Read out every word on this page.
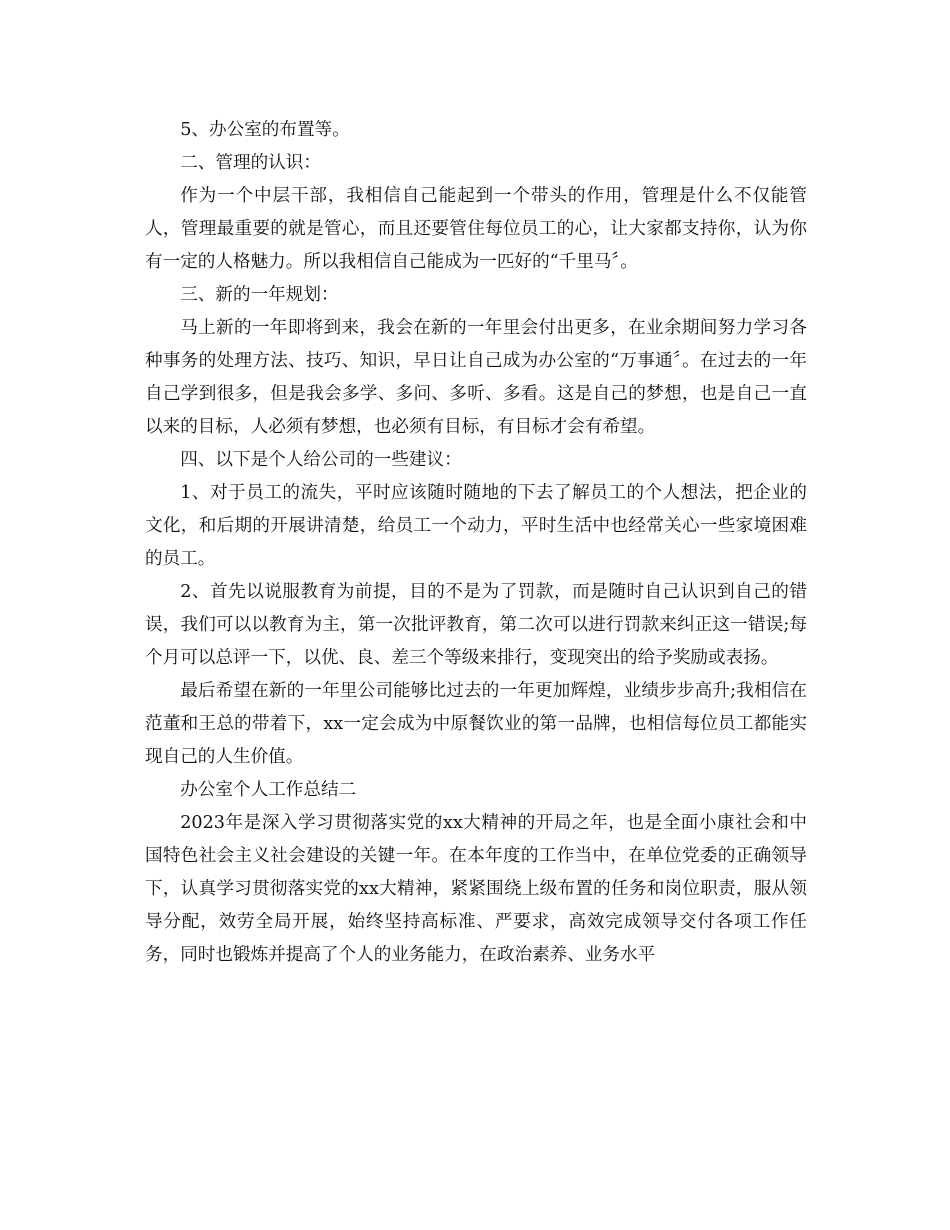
5、办公室的布置等。

二、管理的认识：

作为一个中层干部，我相信自己能起到一个带头的作用，管理是什么不仅能管人，管理最重要的就是管心，而且还要管住每位员工的心，让大家都支持你，认为你有一定的人格魅力。所以我相信自己能成为一匹好的“千里马〞。

三、新的一年规划：

马上新的一年即将到来，我会在新的一年里会付出更多，在业余期间努力学习各种事务的处理方法、技巧、知识，早日让自己成为办公室的“万事通〞。在过去的一年自己学到很多，但是我会多学、多问、多听、多看。这是自己的梦想，也是自己一直以来的目标，人必须有梦想，也必须有目标，有目标才会有希望。

四、以下是个人给公司的一些建议：

1、对于员工的流失，平时应该随时随地的下去了解员工的个人想法，把企业的文化，和后期的开展讲清楚，给员工一个动力，平时生活中也经常关心一些家境困难的员工。

2、首先以说服教育为前提，目的不是为了罚款，而是随时自己认识到自己的错误，我们可以以教育为主，第一次批评教育，第二次可以进行罚款来纠正这一错误;每个月可以总评一下，以优、良、差三个等级来排行，变现突出的给予奖励或表扬。

最后希望在新的一年里公司能够比过去的一年更加辉煌，业绩步步高升;我相信在范董和王总的带着下，xx一定会成为中原餐饮业的第一品牌，也相信每位员工都能实现自己的人生价值。

办公室个人工作总结二

2023年是深入学习贯彻落实党的xx大精神的开局之年，也是全面小康社会和中国特色社会主义社会建设的关键一年。在本年度的工作当中，在单位党委的正确领导下，认真学习贯彻落实党的xx大精神，紧紧围绕上级布置的任务和岗位职责，服从领导分配，效劳全局开展，始终坚持高标准、严要求，高效完成领导交付各项工作任务，同时也锻炼并提高了个人的业务能力，在政治素养、业务水平
